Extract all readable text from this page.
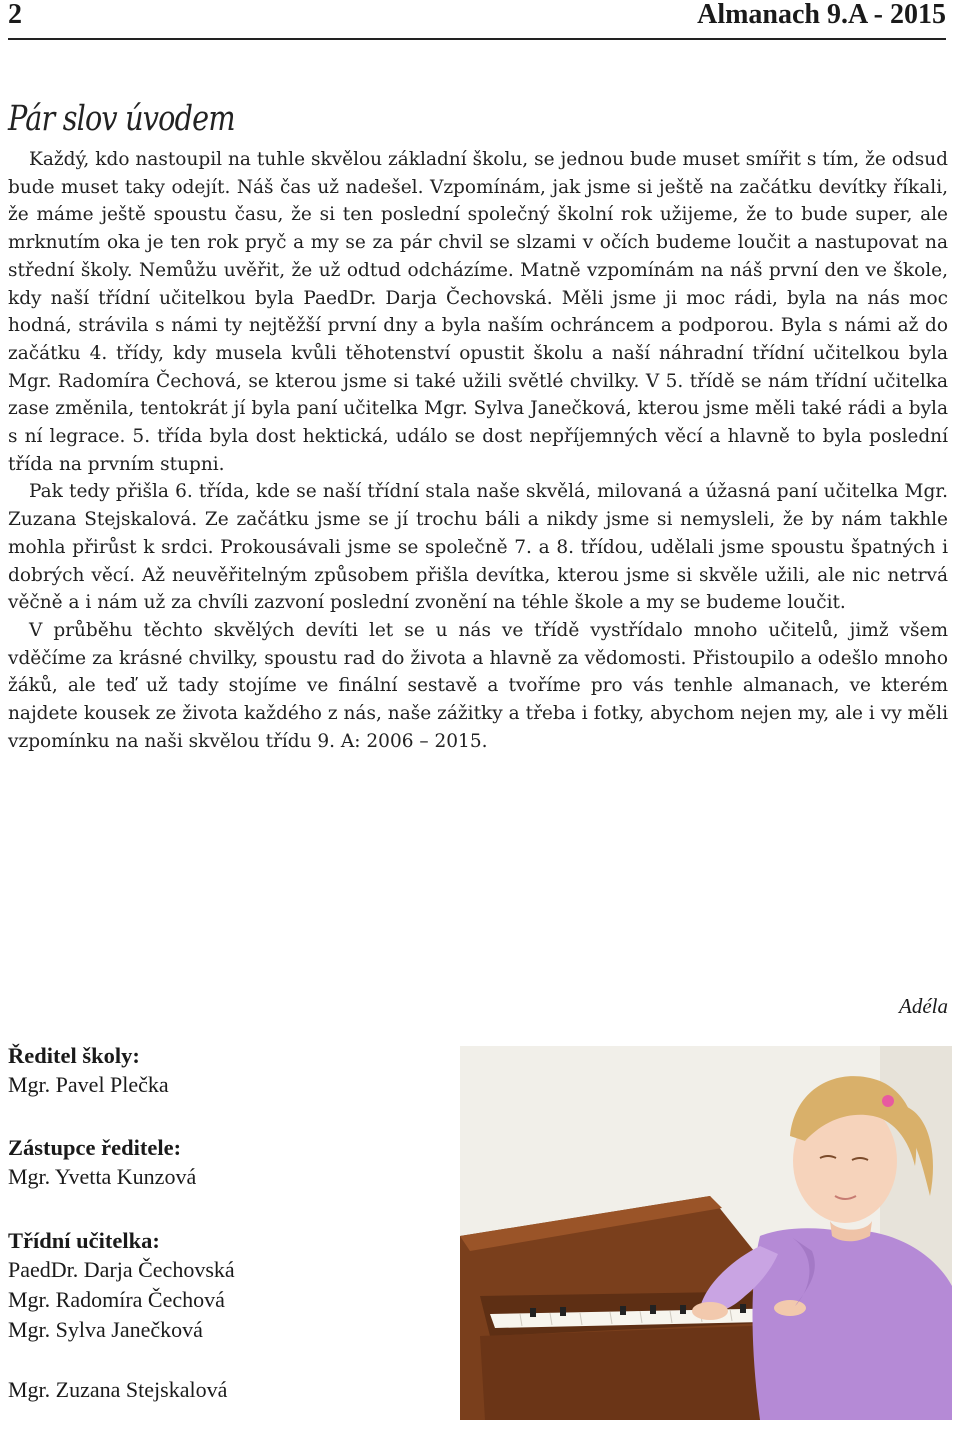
2	Almanach 9.A - 2015
Pár slov úvodem

Každý, kdo nastoupil na tuhle skvělou základní školu, se jednou bude muset smířit s tím, že odsud bude muset taky odejít. Náš čas už nadešel. Vzpomínám, jak jsme si ještě na začátku devítky říkali, že máme ještě spoustu času, že si ten poslední společný školní rok užijeme, že to bude super, ale mrknutím oka je ten rok pryč a my se za pár chvil se slzami v očích budeme loučit a nastupovat na střední školy. Nemůžu uvěřit, že už odtud odcházíme. Matně vzpomínám na náš první den ve škole, kdy naší třídní učitelkou byla PaedDr. Darja Čechovská. Měli jsme ji moc rádi, byla na nás moc hodná, strávila s námi ty nejtěžší první dny a byla naším ochráncem a podporou. Byla s námi až do začátku 4. třídy, kdy musela kvůli těhotenství opustit školu a naší náhradní třídní učitelkou byla Mgr. Radomíra Čechová, se kterou jsme si také užili světlé chvilky. V 5. třídě se nám třídní učitelka zase změnila, tentokrát jí byla paní učitelka Mgr. Sylva Janečková, kterou jsme měli také rádi a byla s ní legrace. 5. třída byla dost hektická, událo se dost nepříjemných věcí a hlavně to byla poslední třída na prvním stupni.

Pak tedy přišla 6. třída, kde se naší třídní stala naše skvělá, milovaná a úžasná paní učitelka Mgr. Zuzana Stejskalová. Ze začátku jsme se jí trochu báli a nikdy jsme si nemysleli, že by nám takhle mohla přirůst k srdci. Prokousávali jsme se společně 7. a 8. třídou, udělali jsme spoustu špatných i dobrých věcí. Až neuvěřitelným způsobem přišla devítka, kterou jsme si skvěle užili, ale nic netrvá věčně a i nám už za chvíli zazvoní poslední zvonění na téhle škole a my se budeme loučit.

V průběhu těchto skvělých devíti let se u nás ve třídě vystřídalo mnoho učitelů, jimž všem vděčíme za krásné chvilky, spoustu rad do života a hlavně za vědomosti. Přistoupilo a odešlo mnoho žáků, ale teď už tady stojíme ve finální sestavě a tvoříme pro vás tenhle almanach, ve kterém najdete kousek ze života každého z nás, naše zážitky a třeba i fotky, abychom nejen my, ale i vy měli vzpomínku na naši skvělou třídu 9. A: 2006 – 2015.

Adéla
Ředitel školy:
Mgr. Pavel Plečka
Zástupce ředitele:
Mgr. Yvetta Kunzová
Třídní učitelka:
PaedDr. Darja Čechovská
Mgr. Radomíra Čechová
Mgr. Sylva Janečková
Mgr. Zuzana Stejskalová
